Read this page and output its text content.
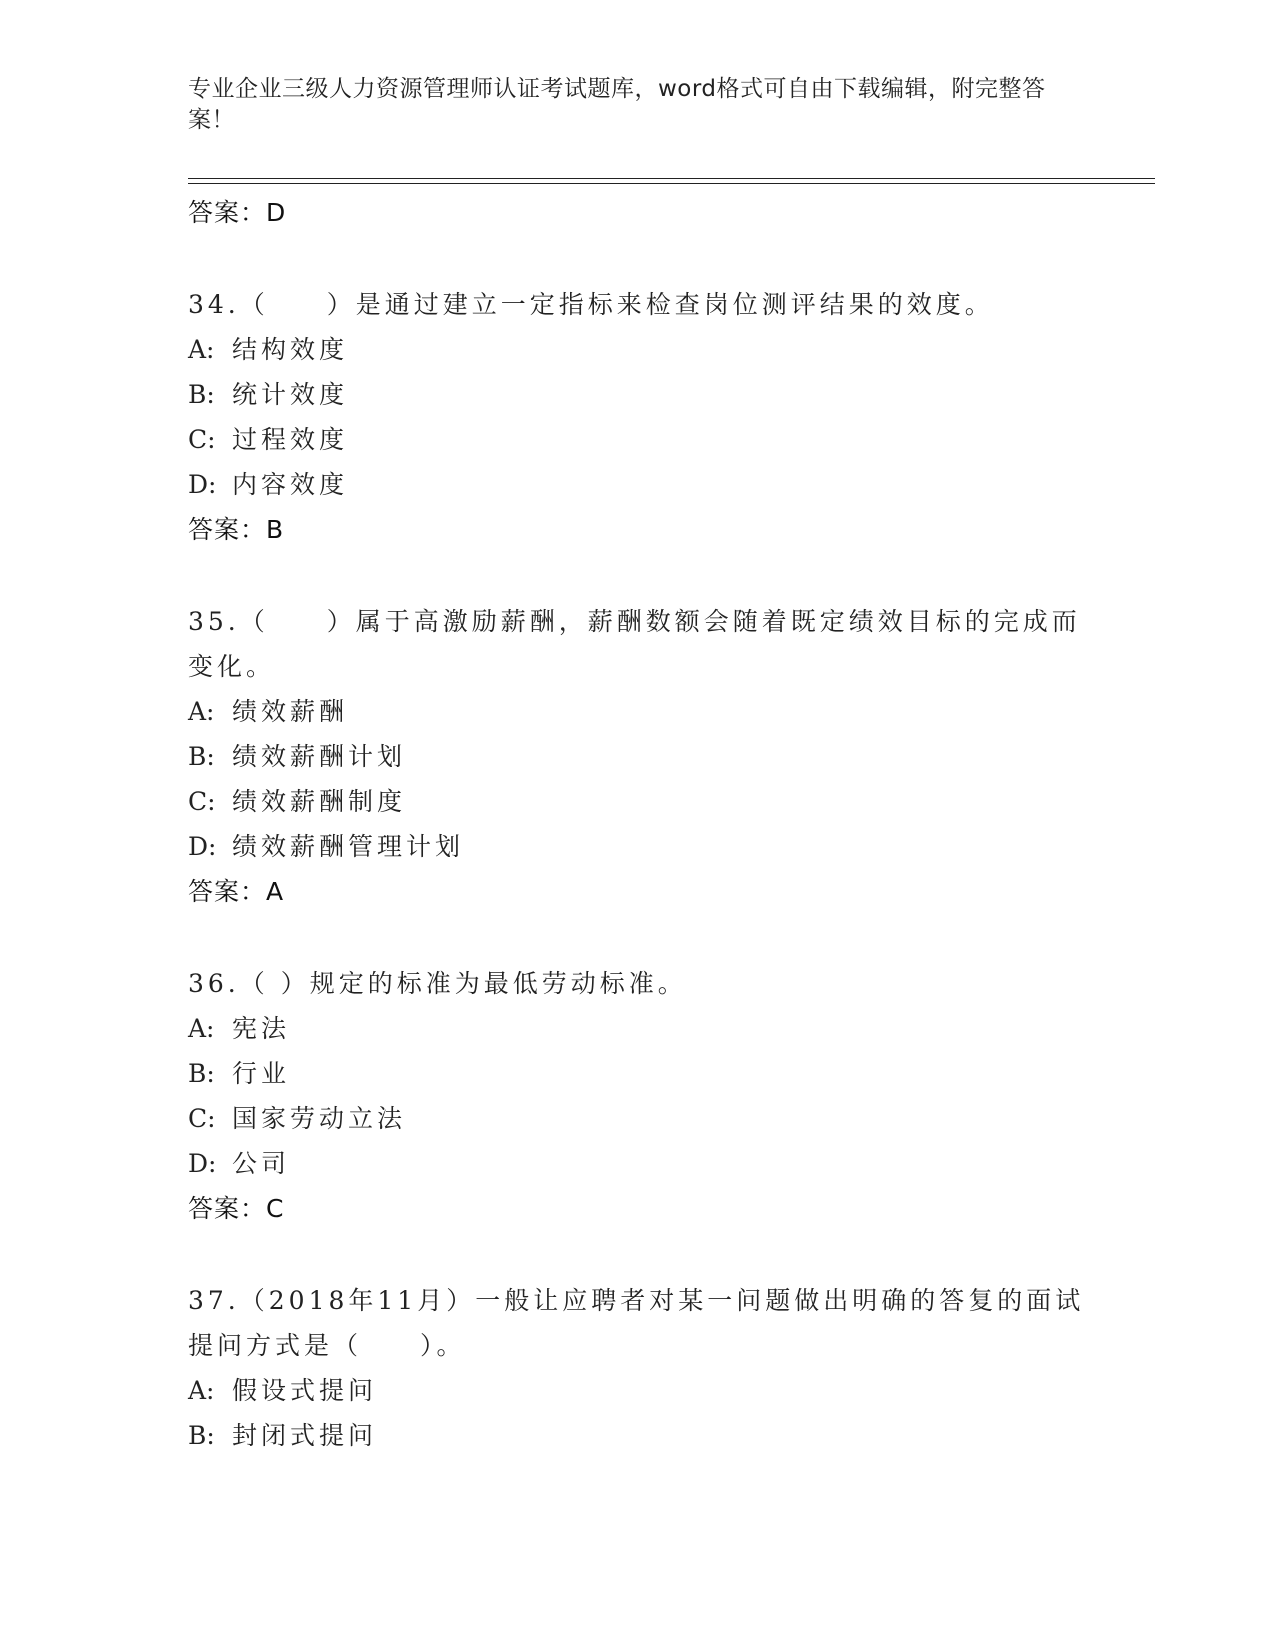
专业企业三级人力资源管理师认证考试题库，word格式可自由下载编辑，附完整答案！
答案：D
34.（　　）是通过建立一定指标来检查岗位测评结果的效度。
A: 结构效度
B: 统计效度
C: 过程效度
D: 内容效度
答案：B
35.（　　）属于高激励薪酬，薪酬数额会随着既定绩效目标的完成而变化。
A: 绩效薪酬
B: 绩效薪酬计划
C: 绩效薪酬制度
D: 绩效薪酬管理计划
答案：A
36.（ ）规定的标准为最低劳动标准。
A: 宪法
B: 行业
C: 国家劳动立法
D: 公司
答案：C
37.（2018年11月）一般让应聘者对某一问题做出明确的答复的面试提问方式是（　　）。
A: 假设式提问
B: 封闭式提问
